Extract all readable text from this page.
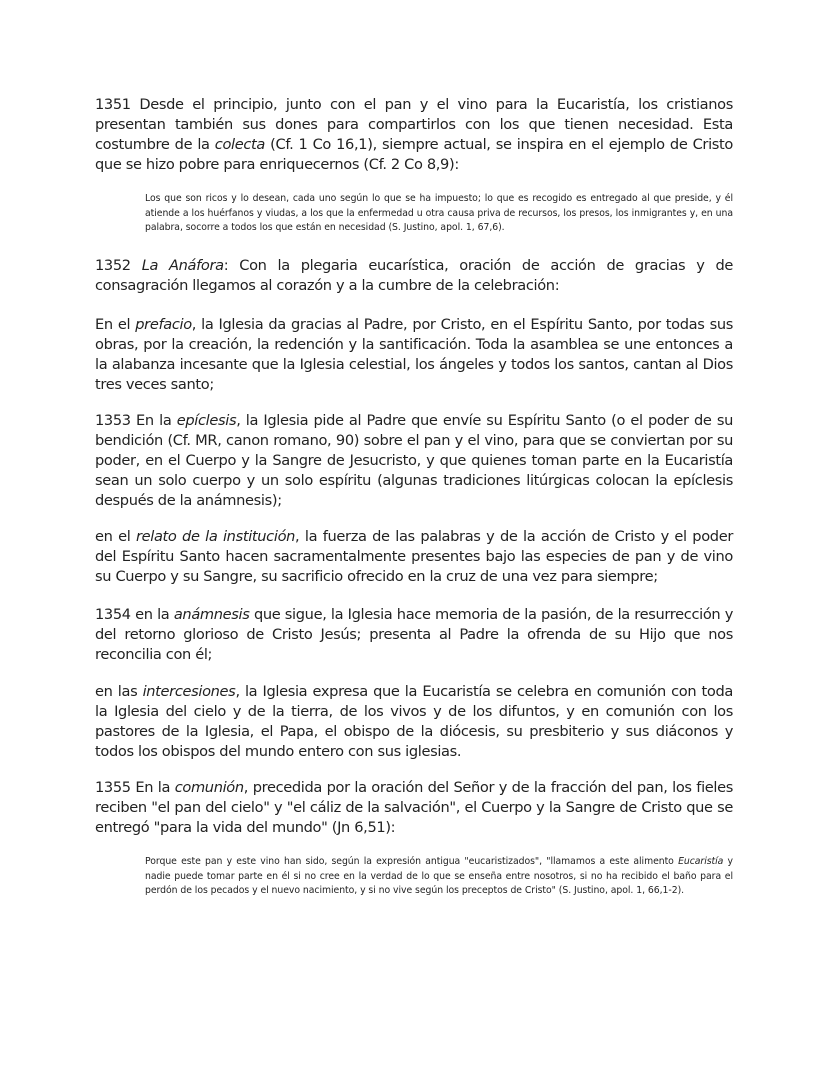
1351 Desde el principio, junto con el pan y el vino para la Eucaristía, los cristianos presentan también sus dones para compartirlos con los que tienen necesidad. Esta costumbre de la colecta (Cf. 1 Co 16,1), siempre actual, se inspira en el ejemplo de Cristo que se hizo pobre para enriquecernos (Cf. 2 Co 8,9):

Los que son ricos y lo desean, cada uno según lo que se ha impuesto; lo que es recogido es entregado al que preside, y él atiende a los huérfanos y viudas, a los que la enfermedad u otra causa priva de recursos, los presos, los inmigrantes y, en una palabra, socorre a todos los que están en necesidad (S. Justino, apol. 1, 67,6).

1352 La Anáfora: Con la plegaria eucarística, oración de acción de gracias y de consagración llegamos al corazón y a la cumbre de la celebración:

En el prefacio, la Iglesia da gracias al Padre, por Cristo, en el Espíritu Santo, por todas sus obras, por la creación, la redención y la santificación. Toda la asamblea se une entonces a la alabanza incesante que la Iglesia celestial, los ángeles y todos los santos, cantan al Dios tres veces santo;

1353 En la epíclesis, la Iglesia pide al Padre que envíe su Espíritu Santo (o el poder de su bendición (Cf. MR, canon romano, 90) sobre el pan y el vino, para que se conviertan por su poder, en el Cuerpo y la Sangre de Jesucristo, y que quienes toman parte en la Eucaristía sean un solo cuerpo y un solo espíritu (algunas tradiciones litúrgicas colocan la epíclesis después de la anámnesis);

en el relato de la institución, la fuerza de las palabras y de la acción de Cristo y el poder del Espíritu Santo hacen sacramentalmente presentes bajo las especies de pan y de vino su Cuerpo y su Sangre, su sacrificio ofrecido en la cruz de una vez para siempre;

1354 en la anámnesis que sigue, la Iglesia hace memoria de la pasión, de la resurrección y del retorno glorioso de Cristo Jesús; presenta al Padre la ofrenda de su Hijo que nos reconcilia con él;

en las intercesiones, la Iglesia expresa que la Eucaristía se celebra en comunión con toda la Iglesia del cielo y de la tierra, de los vivos y de los difuntos, y en comunión con los pastores de la Iglesia, el Papa, el obispo de la diócesis, su presbiterio y sus diáconos y todos los obispos del mundo entero con sus iglesias.

1355 En la comunión, precedida por la oración del Señor y de la fracción del pan, los fieles reciben "el pan del cielo" y "el cáliz de la salvación", el Cuerpo y la Sangre de Cristo que se entregó "para la vida del mundo" (Jn 6,51):

Porque este pan y este vino han sido, según la expresión antigua "eucaristizados", "llamamos a este alimento Eucaristía y nadie puede tomar parte en él si no cree en la verdad de lo que se enseña entre nosotros, si no ha recibido el baño para el perdón de los pecados y el nuevo nacimiento, y si no vive según los preceptos de Cristo" (S. Justino, apol. 1, 66,1-2).
